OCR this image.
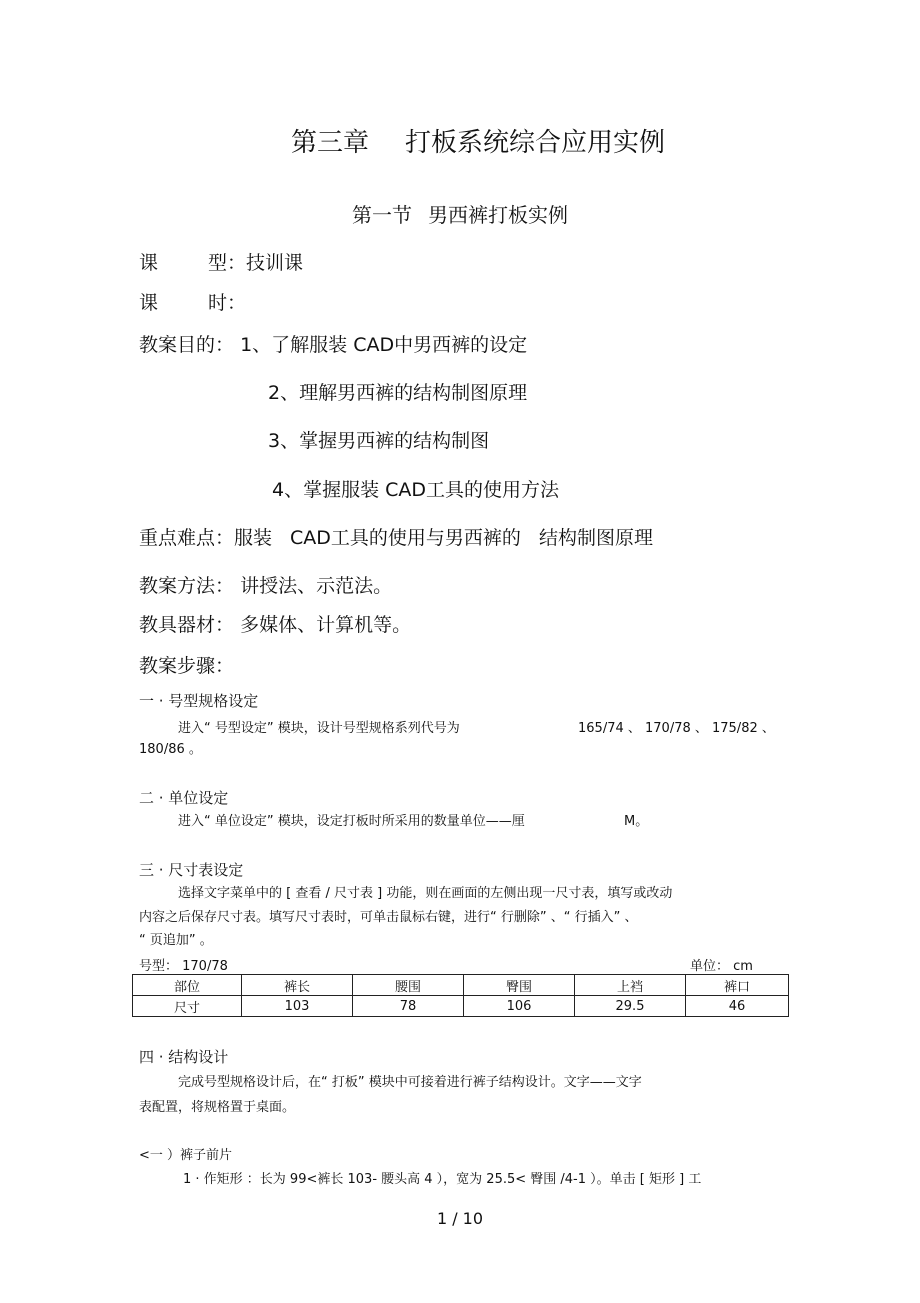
第三章 打板系统综合应用实例
第一节 男西裤打板实例
课	型：技训课
课	时：
教案目的： 1、了解服装 CAD中男西裤的设定
2、理解男西裤的结构制图原理
3、掌握男西裤的结构制图
4、掌握服装 CAD工具的使用方法
重点难点：服装 CAD工具的使用与男西裤的 结构制图原理
教案方法： 讲授法、示范法。
教具器材： 多媒体、计算机等。
教案步骤：
一 · 号型规格设定
进入“ 号型设定” 模块，设计号型规格系列代号为	165/74 、 170/78 、 175/82 、
180/86 。
二 · 单位设定
进入“ 单位设定” 模块，设定打板时所采用的数量单位——厘	M。
三 · 尺寸表设定
选择文字菜单中的 [ 查看 / 尺寸表 ] 功能，则在画面的左侧出现一尺寸表，填写或改动
内容之后保存尺寸表。填写尺寸表时，可单击鼠标右键，进行“ 行删除” 、“ 行插入” 、
“ 页追加” 。
号型： 170/78	单位： cm
部位	裤长	腰围	臀围	上裆	裤口
尺寸	103	78	106	29.5	46
四 · 结构设计
完成号型规格设计后，在“ 打板” 模块中可接着进行裤子结构设计。文字——文字
表配置，将规格置于桌面。
<一 ）裤子前片
1 · 作矩形 ：长为 99<裤长 103- 腰头高 4 ），宽为 25.5< 臀围 /4-1 ）。单击 [ 矩形 ] 工
1 / 10
